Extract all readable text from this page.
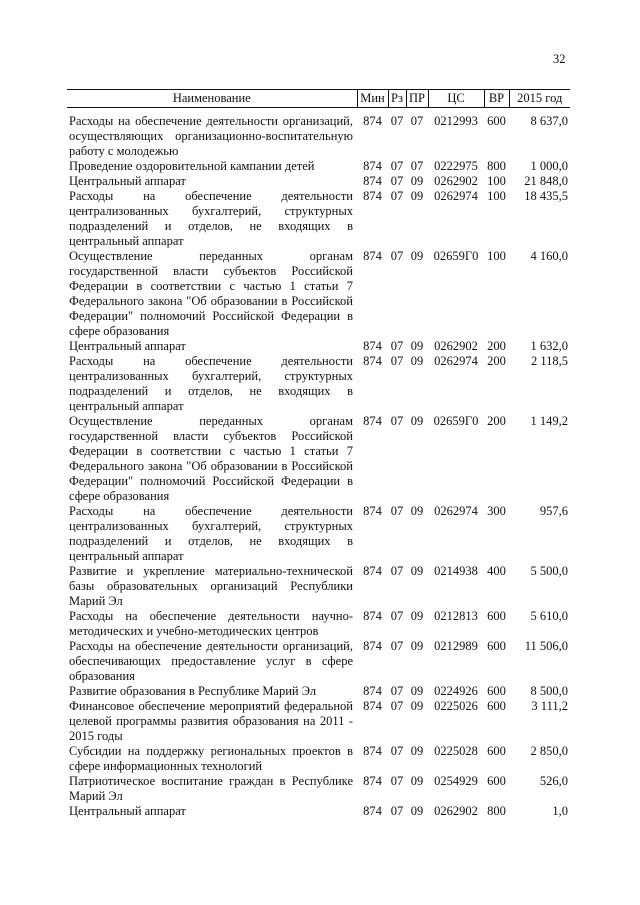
32
Наименование	Мин	Рз	ПР	ЦС	ВР	2015 год
Расходы на обеспечение деятельности организаций, осуществляющих организационно-воспитательную работу с молодежью	874	07	07	0212993	600	8 637,0
Проведение оздоровительной кампании детей	874	07	07	0222975	800	1 000,0
Центральный аппарат	874	07	09	0262902	100	21 848,0
Расходы на обеспечение деятельности централизованных бухгалтерий, структурных подразделений и отделов, не входящих в центральный аппарат	874	07	09	0262974	100	18 435,5
Осуществление переданных органам государственной власти субъектов Российской Федерации в соответствии с частью 1 статьи 7 Федерального закона "Об образовании в Российской Федерации" полномочий Российской Федерации в сфере образования	874	07	09	02659Г0	100	4 160,0
Центральный аппарат	874	07	09	0262902	200	1 632,0
Расходы на обеспечение деятельности централизованных бухгалтерий, структурных подразделений и отделов, не входящих в центральный аппарат	874	07	09	0262974	200	2 118,5
Осуществление переданных органам государственной власти субъектов Российской Федерации в соответствии с частью 1 статьи 7 Федерального закона "Об образовании в Российской Федерации" полномочий Российской Федерации в сфере образования	874	07	09	02659Г0	200	1 149,2
Расходы на обеспечение деятельности централизованных бухгалтерий, структурных подразделений и отделов, не входящих в центральный аппарат	874	07	09	0262974	300	957,6
Развитие и укрепление материально-технической базы образовательных организаций Республики Марий Эл	874	07	09	0214938	400	5 500,0
Расходы на обеспечение деятельности научно-методических и учебно-методических центров	874	07	09	0212813	600	5 610,0
Расходы на обеспечение деятельности организаций, обеспечивающих предоставление услуг в сфере образования	874	07	09	0212989	600	11 506,0
Развитие образования в Республике Марий Эл	874	07	09	0224926	600	8 500,0
Финансовое обеспечение мероприятий федеральной целевой программы развития образования на 2011 - 2015 годы	874	07	09	0225026	600	3 111,2
Субсидии на поддержку региональных проектов в сфере информационных технологий	874	07	09	0225028	600	2 850,0
Патриотическое воспитание граждан в Республике Марий Эл	874	07	09	0254929	600	526,0
Центральный аппарат	874	07	09	0262902	800	1,0
